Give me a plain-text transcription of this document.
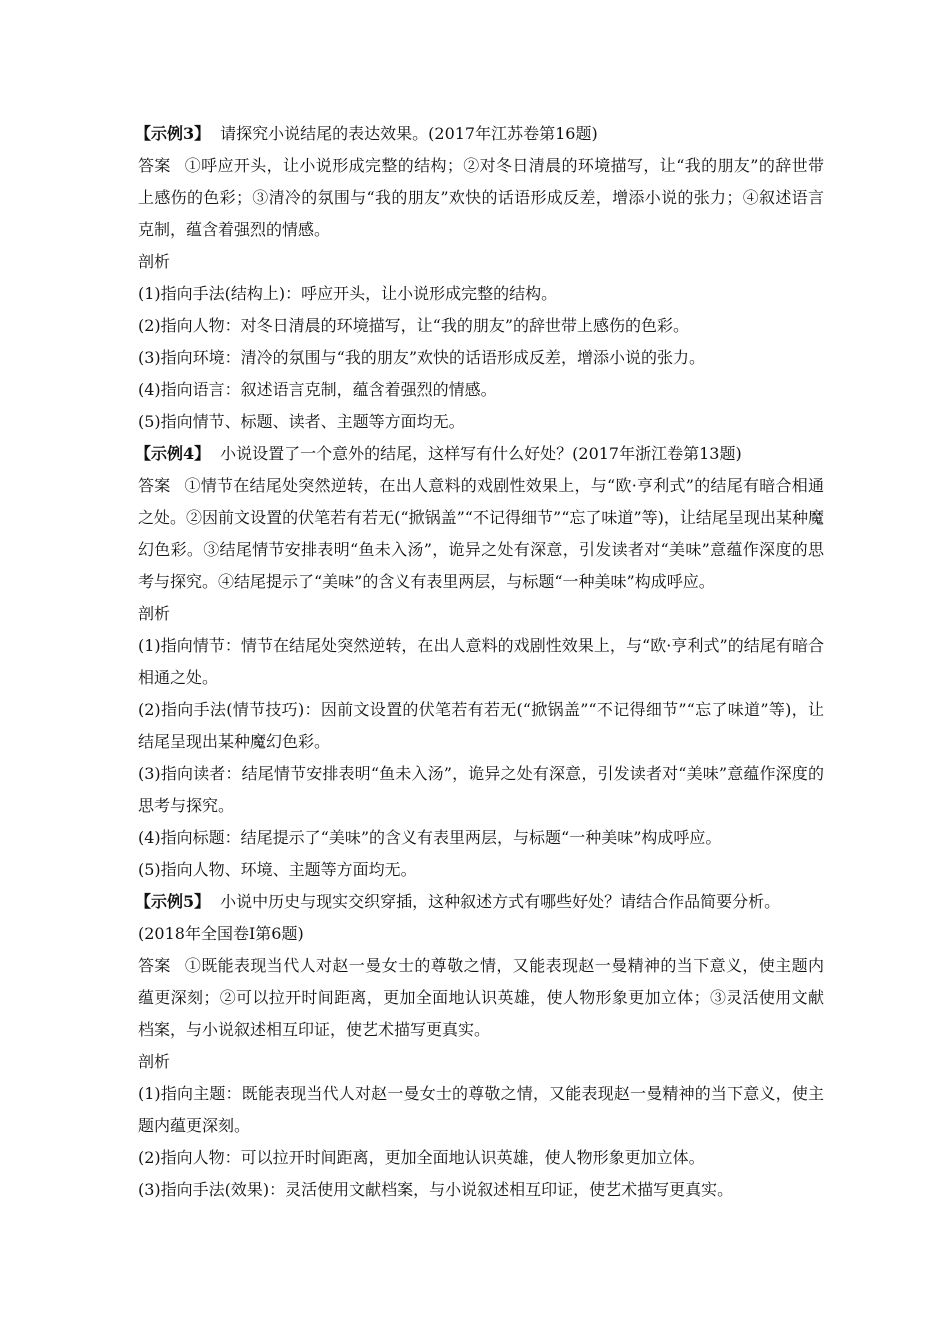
【示例3】 请探究小说结尾的表达效果。(2017年江苏卷第16题)

答案 ①呼应开头，让小说形成完整的结构；②对冬日清晨的环境描写，让“我的朋友”的辞世带上感伤的色彩；③清冷的氛围与“我的朋友”欢快的话语形成反差，增添小说的张力；④叙述语言克制，蕴含着强烈的情感。

剖析

(1)指向手法(结构上)：呼应开头，让小说形成完整的结构。

(2)指向人物：对冬日清晨的环境描写，让“我的朋友”的辞世带上感伤的色彩。

(3)指向环境：清冷的氛围与“我的朋友”欢快的话语形成反差，增添小说的张力。

(4)指向语言：叙述语言克制，蕴含着强烈的情感。

(5)指向情节、标题、读者、主题等方面均无。

【示例4】 小说设置了一个意外的结尾，这样写有什么好处？(2017年浙江卷第13题)

答案 ①情节在结尾处突然逆转，在出人意料的戏剧性效果上，与“欧·亨利式”的结尾有暗合相通之处。②因前文设置的伏笔若有若无(“掀锅盖”“不记得细节”“忘了味道”等)，让结尾呈现出某种魔幻色彩。③结尾情节安排表明“鱼未入汤”，诡异之处有深意，引发读者对“美味”意蕴作深度的思考与探究。④结尾提示了“美味”的含义有表里两层，与标题“一种美味”构成呼应。

剖析

(1)指向情节：情节在结尾处突然逆转，在出人意料的戏剧性效果上，与“欧·亨利式”的结尾有暗合相通之处。

(2)指向手法(情节技巧)：因前文设置的伏笔若有若无(“掀锅盖”“不记得细节”“忘了味道”等)，让结尾呈现出某种魔幻色彩。

(3)指向读者：结尾情节安排表明“鱼未入汤”，诡异之处有深意，引发读者对“美味”意蕴作深度的思考与探究。

(4)指向标题：结尾提示了“美味”的含义有表里两层，与标题“一种美味”构成呼应。

(5)指向人物、环境、主题等方面均无。

【示例5】 小说中历史与现实交织穿插，这种叙述方式有哪些好处？请结合作品简要分析。

(2018年全国卷Ⅰ第6题)

答案 ①既能表现当代人对赵一曼女士的尊敬之情，又能表现赵一曼精神的当下意义，使主题内蕴更深刻；②可以拉开时间距离，更加全面地认识英雄，使人物形象更加立体；③灵活使用文献档案，与小说叙述相互印证，使艺术描写更真实。

剖析

(1)指向主题：既能表现当代人对赵一曼女士的尊敬之情，又能表现赵一曼精神的当下意义，使主题内蕴更深刻。

(2)指向人物：可以拉开时间距离，更加全面地认识英雄，使人物形象更加立体。

(3)指向手法(效果)：灵活使用文献档案，与小说叙述相互印证，使艺术描写更真实。
